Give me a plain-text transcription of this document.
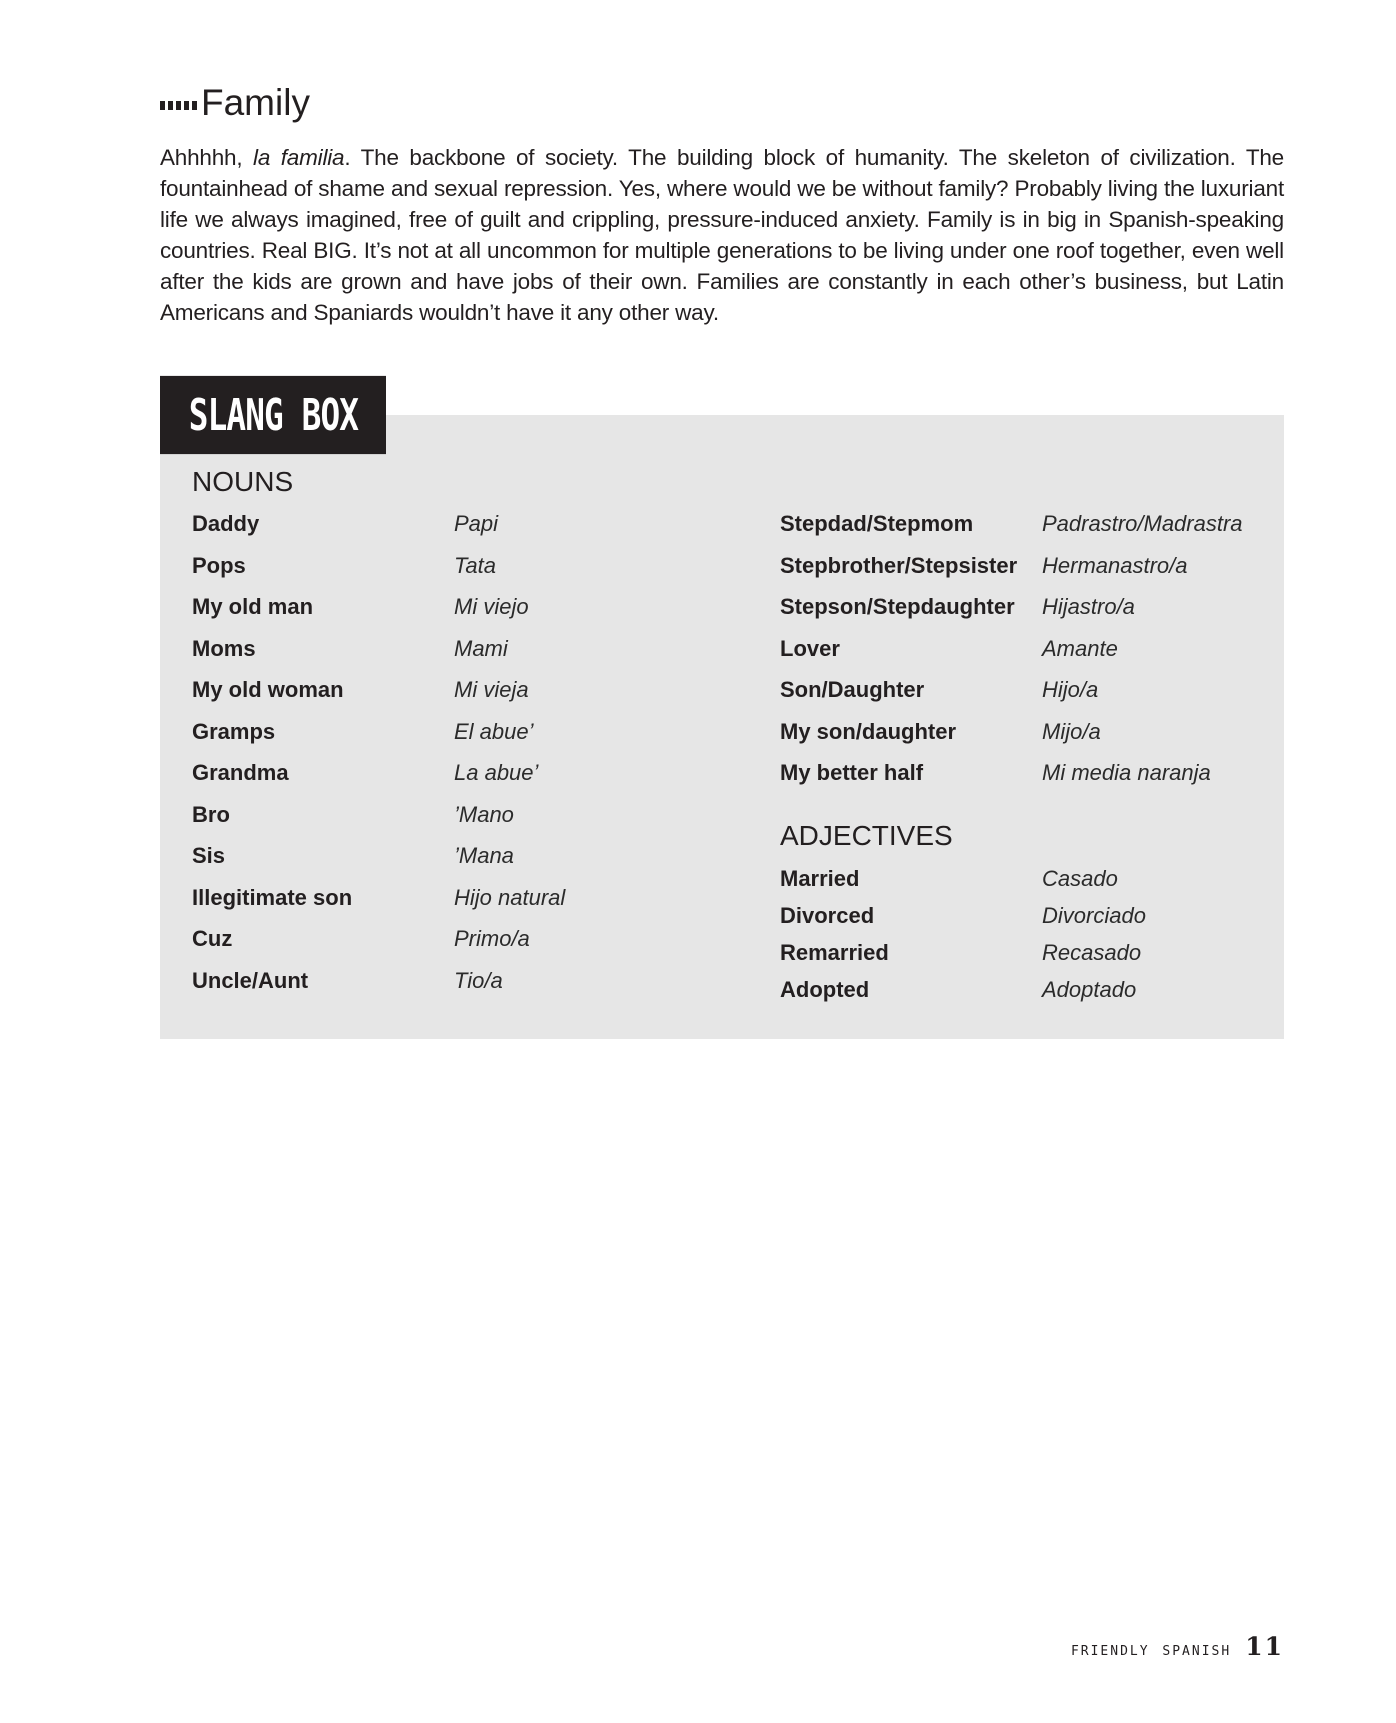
Family

Ahhhhh, la familia. The backbone of society. The building block of humanity. The skeleton of civilization. The fountainhead of shame and sexual repression. Yes, where would we be without family? Probably living the luxuriant life we always imagined, free of guilt and crippling, pressure-induced anxiety. Family is in big in Spanish-speaking countries. Real BIG. It’s not at all uncommon for multiple generations to be living under one roof together, even well after the kids are grown and have jobs of their own. Families are constantly in each other’s business, but Latin Americans and Spaniards wouldn’t have it any other way.

SLANG BOX
NOUNS
Daddy	Papi
Pops	Tata
My old man	Mi viejo
Moms	Mami
My old woman	Mi vieja
Gramps	El abue’
Grandma	La abue’
Bro	’Mano
Sis	’Mana
Illegitimate son	Hijo natural
Cuz	Primo/a
Uncle/Aunt	Tio/a
Stepdad/Stepmom	Padrastro/Madrastra
Stepbrother/Stepsister Hermanastro/a
Stepson/Stepdaughter Hijastro/a
Lover	Amante
Son/Daughter	Hijo/a
My son/daughter	Mijo/a
My better half	Mi media naranja
ADJECTIVES
Married	Casado
Divorced	Divorciado
Remarried	Recasado
Adopted	Adoptado
friendly spanish 11
